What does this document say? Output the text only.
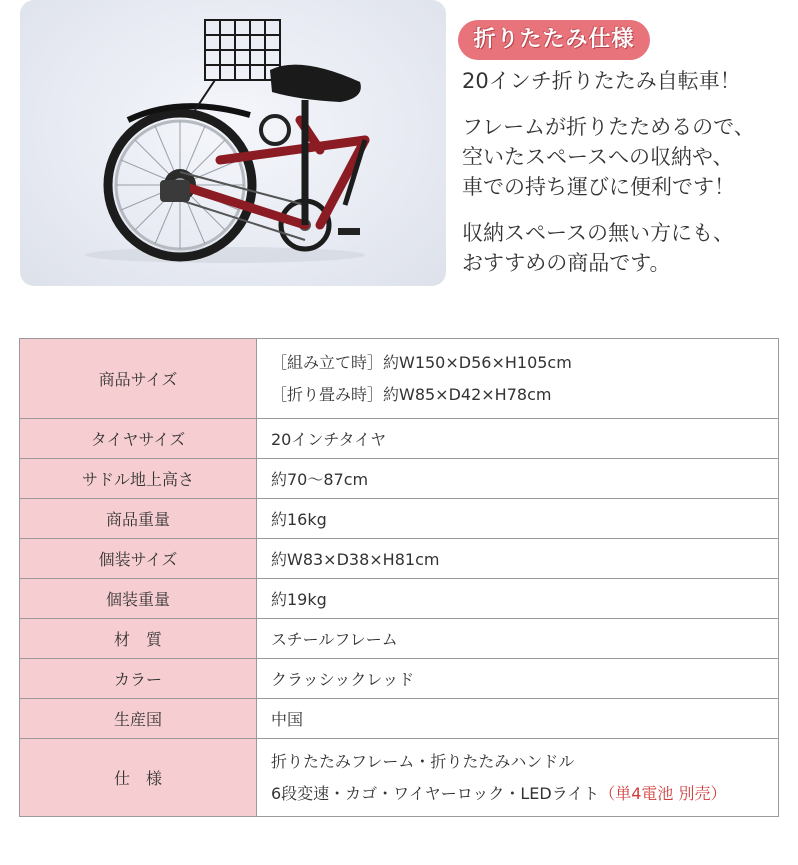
折りたたみ仕様
20インチ折りたたみ自転車！
フレームが折りたためるので、
空いたスペースへの収納や、
車での持ち運びに便利です！
収納スペースの無い方にも、
おすすめの商品です。
商品サイズ	［組み立て時］約W150×D56×H105cm
［折り畳み時］約W85×D42×H78cm

タイヤサイズ	20インチタイヤ
サドル地上高さ	約70～87cm
商品重量	約16kg
個装サイズ	約W83×D38×H81cm
個装重量	約19kg
材　質	スチールフレーム
カラー	クラッシックレッド
生産国	中国
仕　様	折りたたみフレーム・折りたたみハンドル
6段変速・カゴ・ワイヤーロック・LEDライト（単4電池 別売）
